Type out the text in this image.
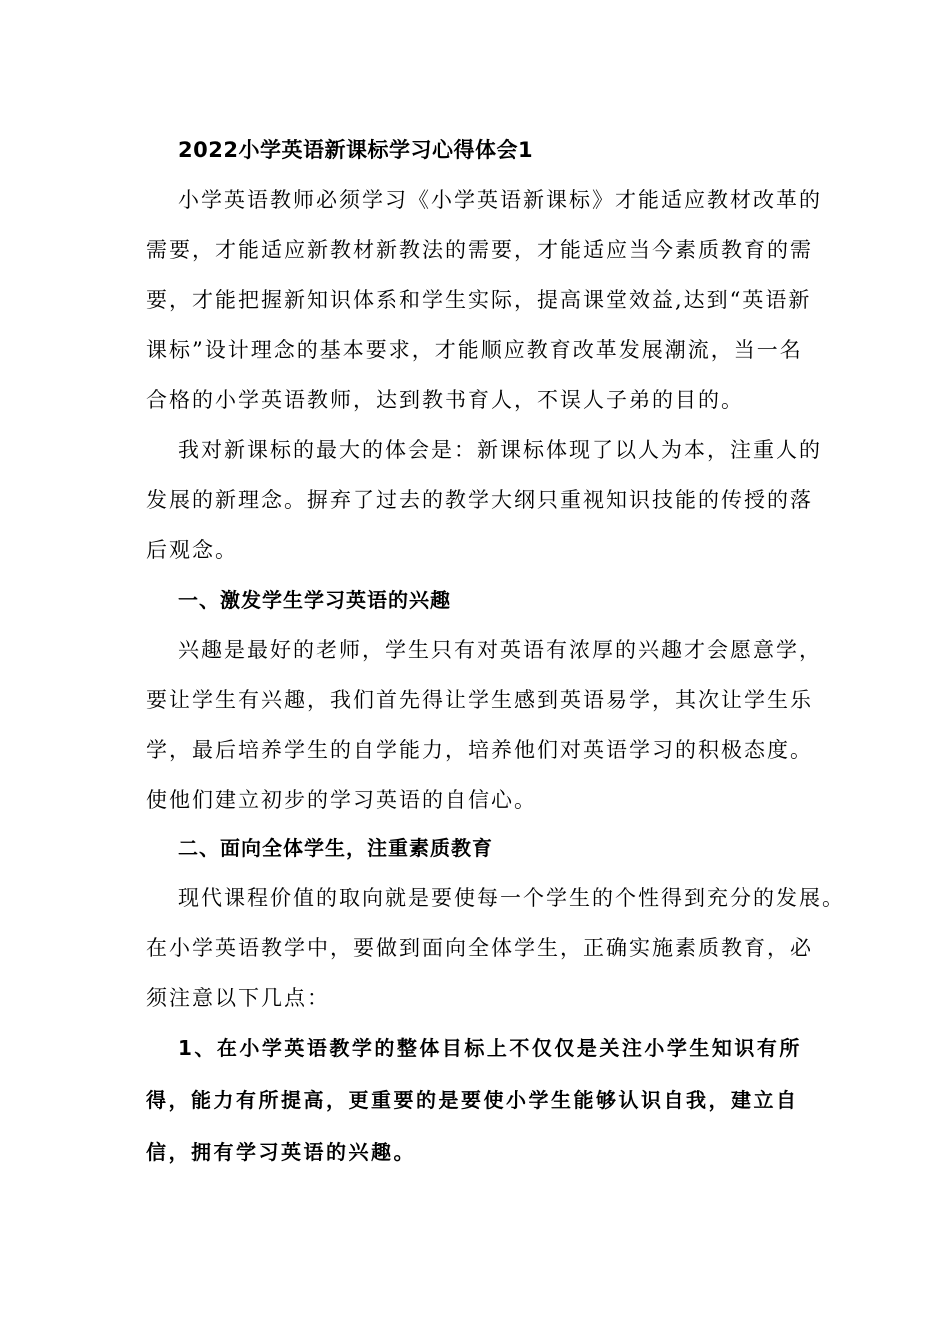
2022小学英语新课标学习心得体会1
小学英语教师必须学习《小学英语新课标》才能适应教材改革的
需要，才能适应新教材新教法的需要，才能适应当今素质教育的需
要，才能把握新知识体系和学生实际，提高课堂效益,达到“英语新
课标”设计理念的基本要求，才能顺应教育改革发展潮流，当一名
合格的小学英语教师，达到教书育人，不误人子弟的目的。
我对新课标的最大的体会是：新课标体现了以人为本，注重人的
发展的新理念。摒弃了过去的教学大纲只重视知识技能的传授的落
后观念。
一、激发学生学习英语的兴趣
兴趣是最好的老师，学生只有对英语有浓厚的兴趣才会愿意学，
要让学生有兴趣，我们首先得让学生感到英语易学，其次让学生乐
学，最后培养学生的自学能力，培养他们对英语学习的积极态度。
使他们建立初步的学习英语的自信心。
二、面向全体学生，注重素质教育
现代课程价值的取向就是要使每一个学生的个性得到充分的发展。
在小学英语教学中，要做到面向全体学生，正确实施素质教育，必
须注意以下几点：
1、在小学英语教学的整体目标上不仅仅是关注小学生知识有所
得，能力有所提高，更重要的是要使小学生能够认识自我，建立自
信，拥有学习英语的兴趣。
